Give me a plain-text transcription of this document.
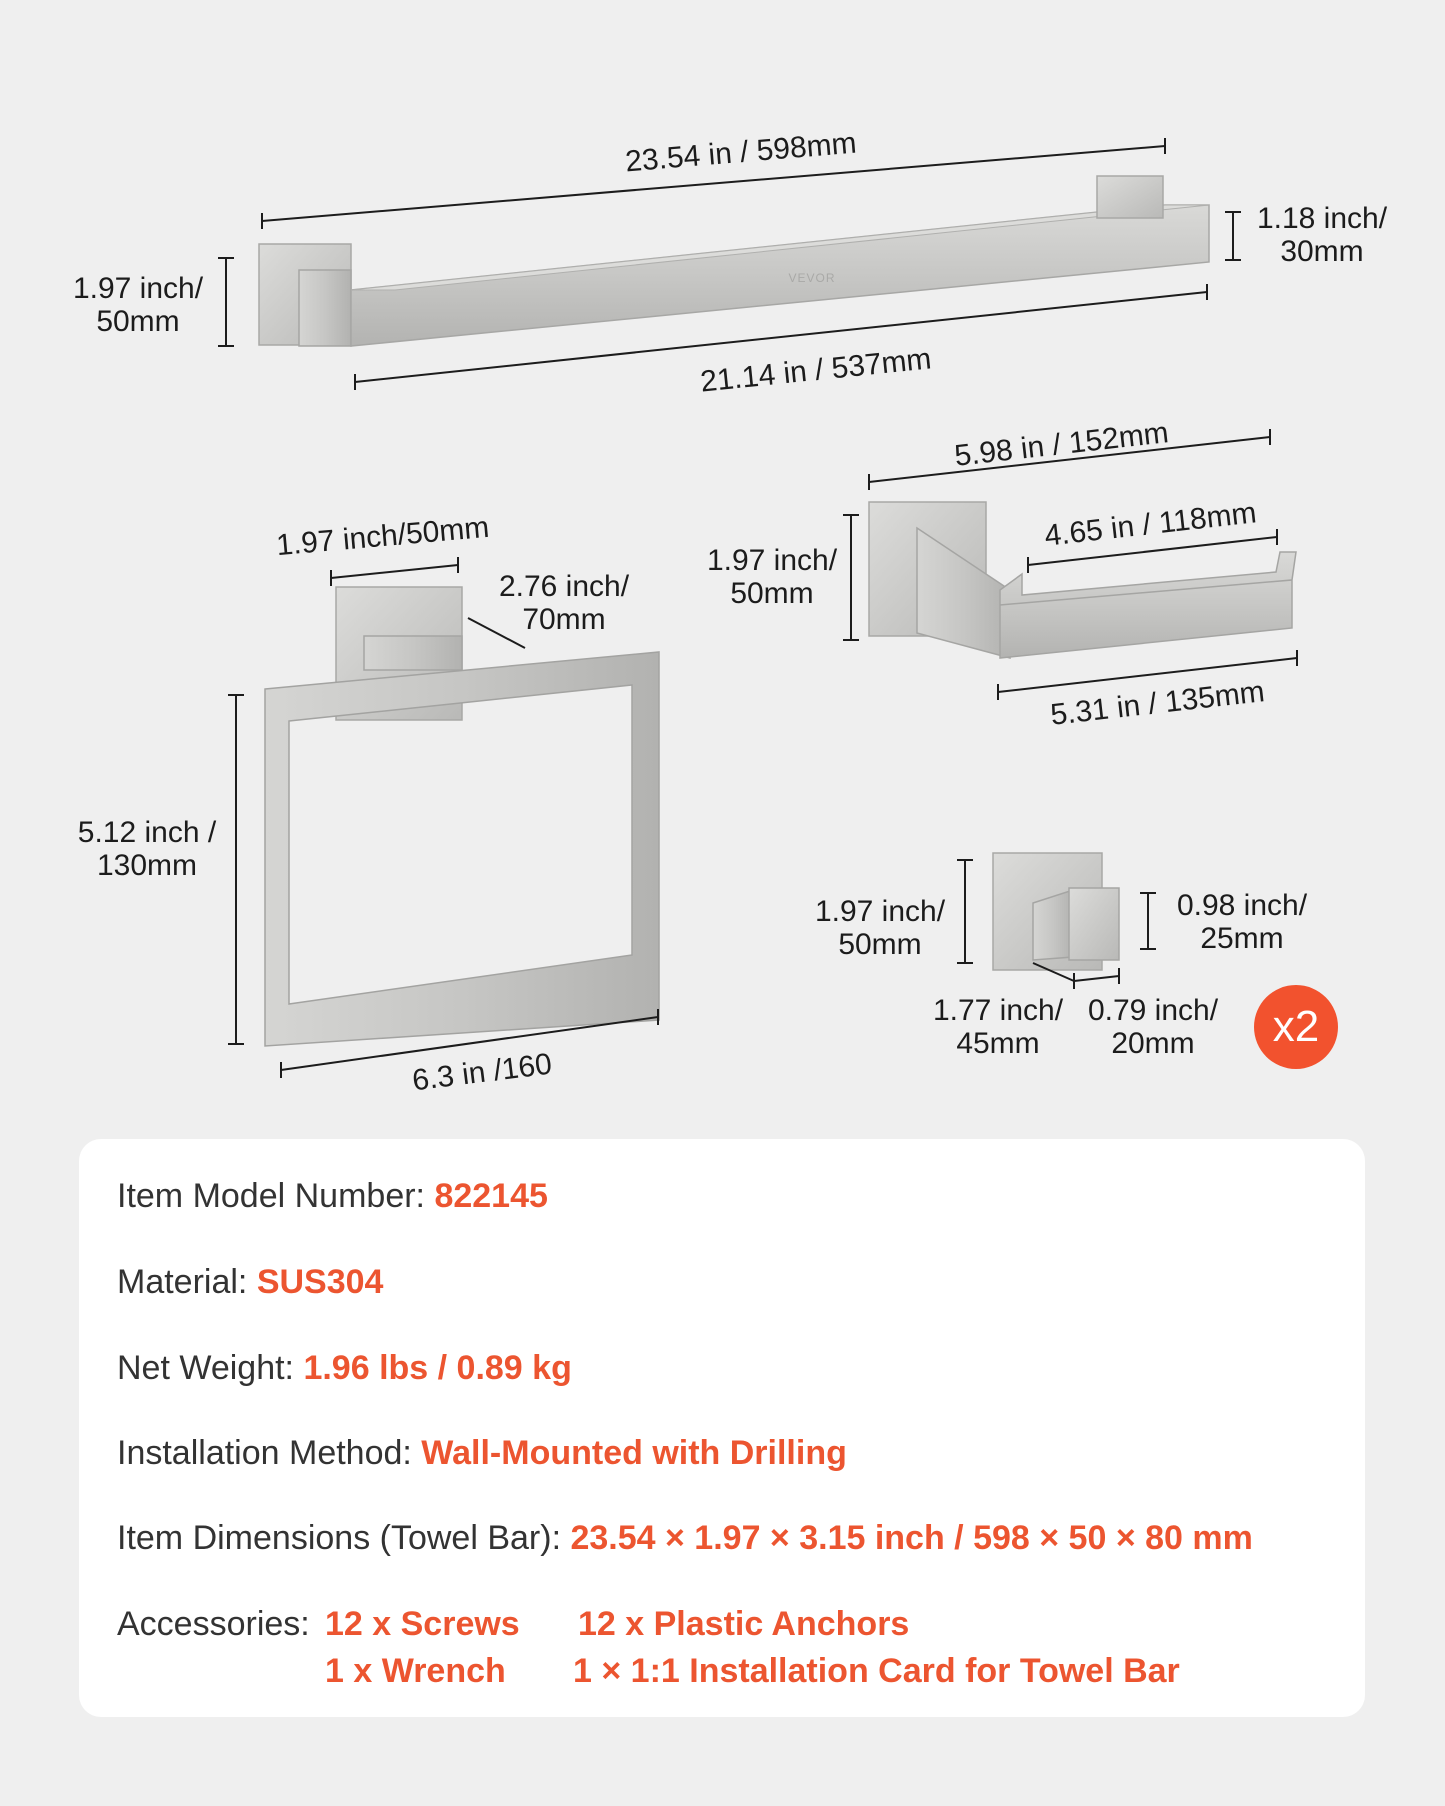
VEVOR
23.54 in / 598mm
21.14 in / 537mm
1.97 inch/
50mm
1.18 inch/
30mm
1.97 inch/50mm
2.76 inch/
70mm
5.12 inch /
130mm
6.3 in /160
5.98 in / 152mm
4.65 in / 118mm
1.97 inch/
50mm
5.31 in / 135mm
1.97 inch/
50mm
0.98 inch/
25mm
1.77 inch/
45mm
0.79 inch/
20mm	x2
Item Model Number: 822145
Material: SUS304
Net Weight: 1.96 lbs / 0.89 kg
Installation Method: Wall-Mounted with Drilling
Item Dimensions (Towel Bar): 23.54 × 1.97 × 3.15 inch / 598 × 50 × 80 mm
Accessories: 12 x Screws 12 x Plastic Anchors
1 x Wrench 1 × 1:1 Installation Card for Towel Bar
